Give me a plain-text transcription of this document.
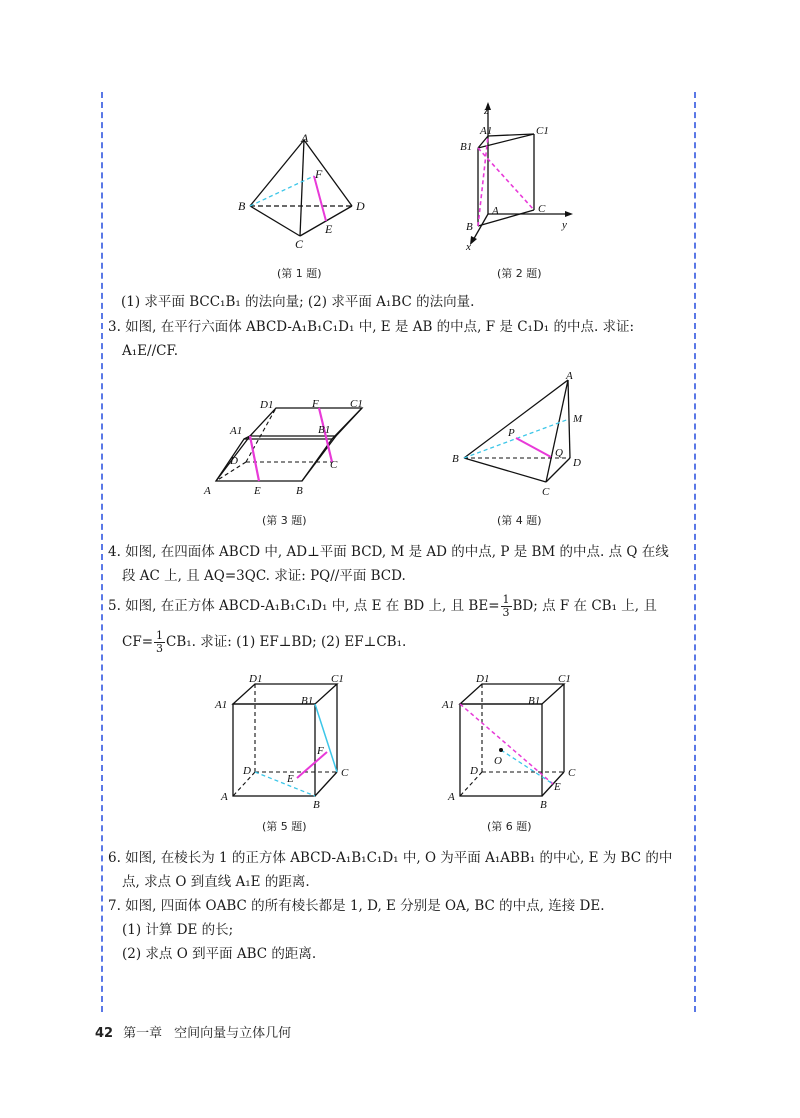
A
B
C
D
E
F
(第 1 题)
z
A1	C1
B1
A	C
B	y
x
(第 2 题)
(1) 求平面 BCC₁B₁ 的法向量; (2) 求平面 A₁BC 的法向量.
3. 如图, 在平行六面体 ABCD-A₁B₁C₁D₁ 中, E 是 AB 的中点, F 是 C₁D₁ 的中点. 求证:
A₁E//CF.
D1	F	C1
A1	B1
D	C
A	E	B
(第 3 题)
A
M
P
Q
B	D
C
(第 4 题)
4. 如图, 在四面体 ABCD 中, AD⊥平面 BCD, M 是 AD 的中点, P 是 BM 的中点. 点 Q 在线
段 AC 上, 且 AQ=3QC. 求证: PQ//平面 BCD.
5. 如图, 在正方体 ABCD-A₁B₁C₁D₁ 中, 点 E 在 BD 上, 且 $BE= \frac{1}{3}$ BD; 点 F 在 CB₁ 上, 且
$CF= \frac{1}{3} CB_1$. 求证: (1) EF⊥BD; (2) EF⊥CB₁.
D1	C1
A1	B1
F
D
E	C
A
B
(第 5 题)
D1	C1
A1	B1
O
D	C
E
A
B
(第 6 题)
6. 如图, 在棱长为 1 的正方体 ABCD-A₁B₁C₁D₁ 中, O 为平面 A₁ABB₁ 的中心, E 为 BC 的中
点, 求点 O 到直线 A₁E 的距离.
7. 如图, 四面体 OABC 的所有棱长都是 1, D, E 分别是 OA, BC 的中点, 连接 DE.
(1) 计算 DE 的长;
(2) 求点 O 到平面 ABC 的距离.
42 第一章 空间向量与立体几何
